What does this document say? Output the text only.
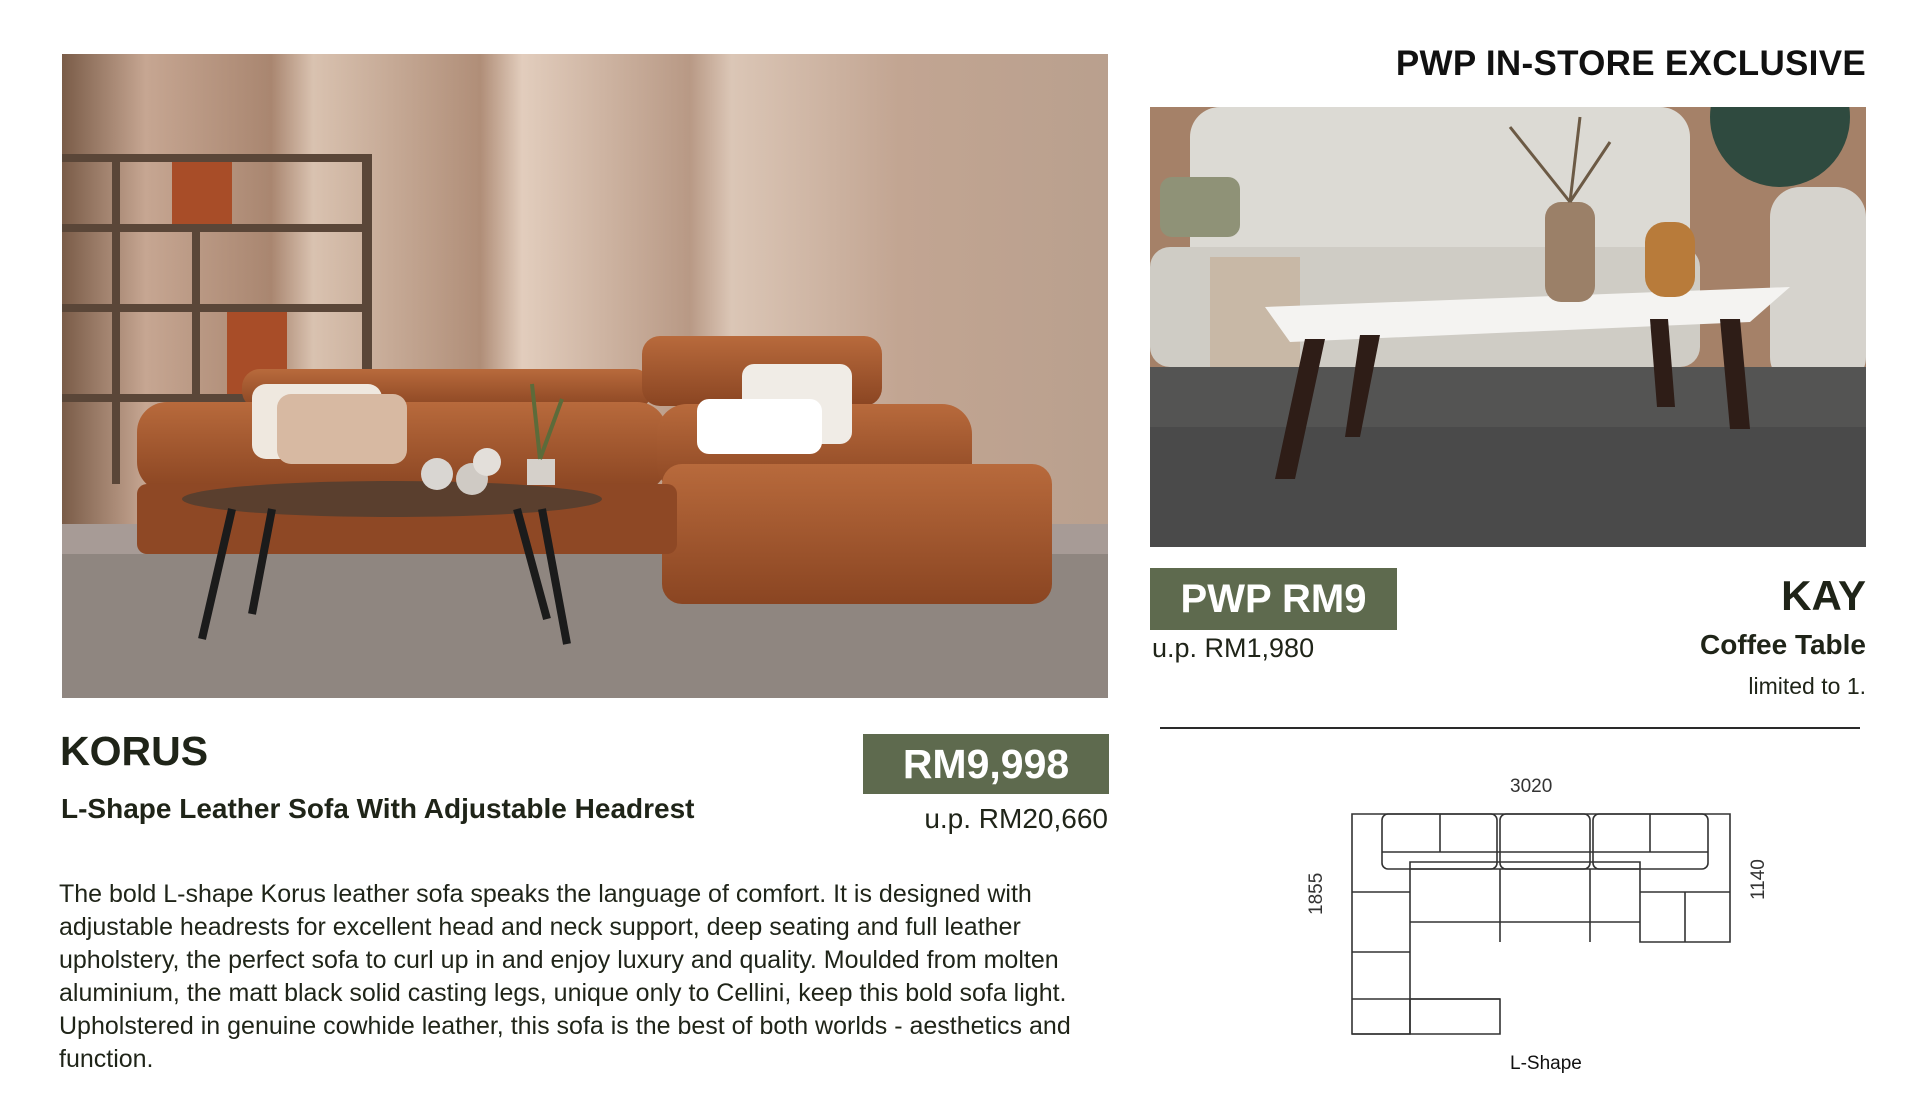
PWP IN-STORE EXCLUSIVE
PWP RM9
u.p. RM1,980
KAY
Coffee Table
limited to 1.
KORUS
L-Shape Leather Sofa With Adjustable Headrest
RM9,998
u.p. RM20,660
The bold L-shape Korus leather sofa speaks the language of comfort. It is designed with adjustable headrests for excellent head and neck support, deep seating and full leather upholstery, the perfect sofa to curl up in and enjoy luxury and quality. Moulded from molten aluminium, the matt black solid casting legs, unique only to Cellini, keep this bold sofa light. Upholstered in genuine cowhide leather, this sofa is the best of both worlds - aesthetics and function.
3020
1855	1140
L-Shape
